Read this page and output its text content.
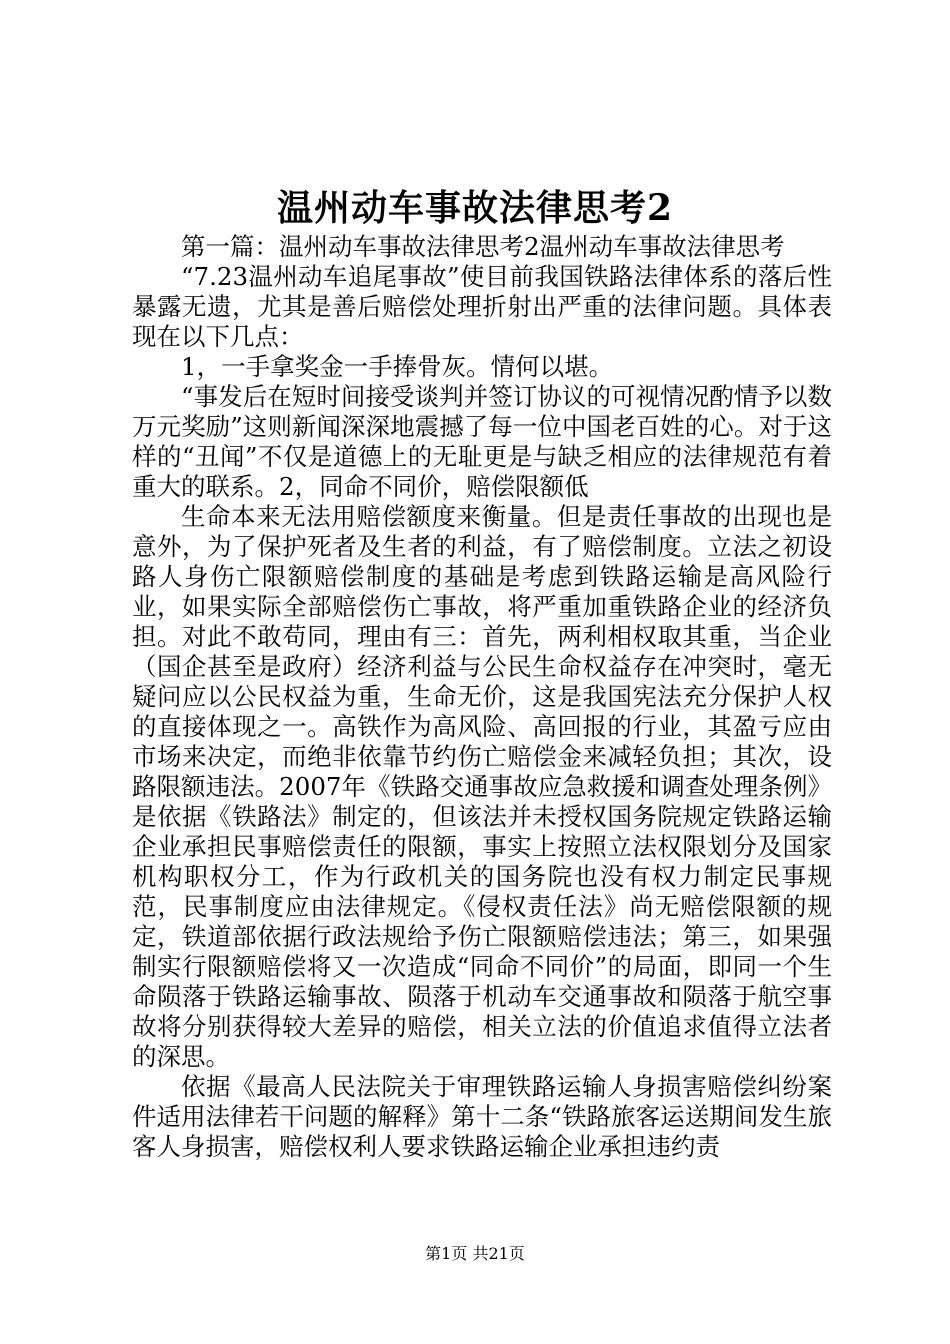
温州动车事故法律思考2

第一篇：温州动车事故法律思考2温州动车事故法律思考

“7.23温州动车追尾事故”使目前我国铁路法律体系的落后性暴露无遗，尤其是善后赔偿处理折射出严重的法律问题。具体表现在以下几点：

1，一手拿奖金一手捧骨灰。情何以堪。

“事发后在短时间接受谈判并签订协议的可视情况酌情予以数万元奖励”这则新闻深深地震撼了每一位中国老百姓的心。对于这样的“丑闻”不仅是道德上的无耻更是与缺乏相应的法律规范有着重大的联系。2，同命不同价，赔偿限额低

生命本来无法用赔偿额度来衡量。但是责任事故的出现也是意外，为了保护死者及生者的利益，有了赔偿制度。立法之初设路人身伤亡限额赔偿制度的基础是考虑到铁路运输是高风险行业，如果实际全部赔偿伤亡事故，将严重加重铁路企业的经济负担。对此不敢苟同，理由有三：首先，两利相权取其重，当企业（国企甚至是政府）经济利益与公民生命权益存在冲突时，毫无疑问应以公民权益为重，生命无价，这是我国宪法充分保护人权的直接体现之一。高铁作为高风险、高回报的行业，其盈亏应由市场来决定，而绝非依靠节约伤亡赔偿金来减轻负担；其次，设路限额违法。2007年《铁路交通事故应急救援和调查处理条例》是依据《铁路法》制定的，但该法并未授权国务院规定铁路运输企业承担民事赔偿责任的限额，事实上按照立法权限划分及国家机构职权分工，作为行政机关的国务院也没有权力制定民事规范，民事制度应由法律规定。《侵权责任法》尚无赔偿限额的规定，铁道部依据行政法规给予伤亡限额赔偿违法；第三，如果强制实行限额赔偿将又一次造成“同命不同价”的局面，即同一个生命陨落于铁路运输事故、陨落于机动车交通事故和陨落于航空事故将分别获得较大差异的赔偿，相关立法的价值追求值得立法者的深思。

依据《最高人民法院关于审理铁路运输人身损害赔偿纠纷案件适用法律若干问题的解释》第十二条“铁路旅客运送期间发生旅客人身损害，赔偿权利人要求铁路运输企业承担违约责

第1页 共21页
